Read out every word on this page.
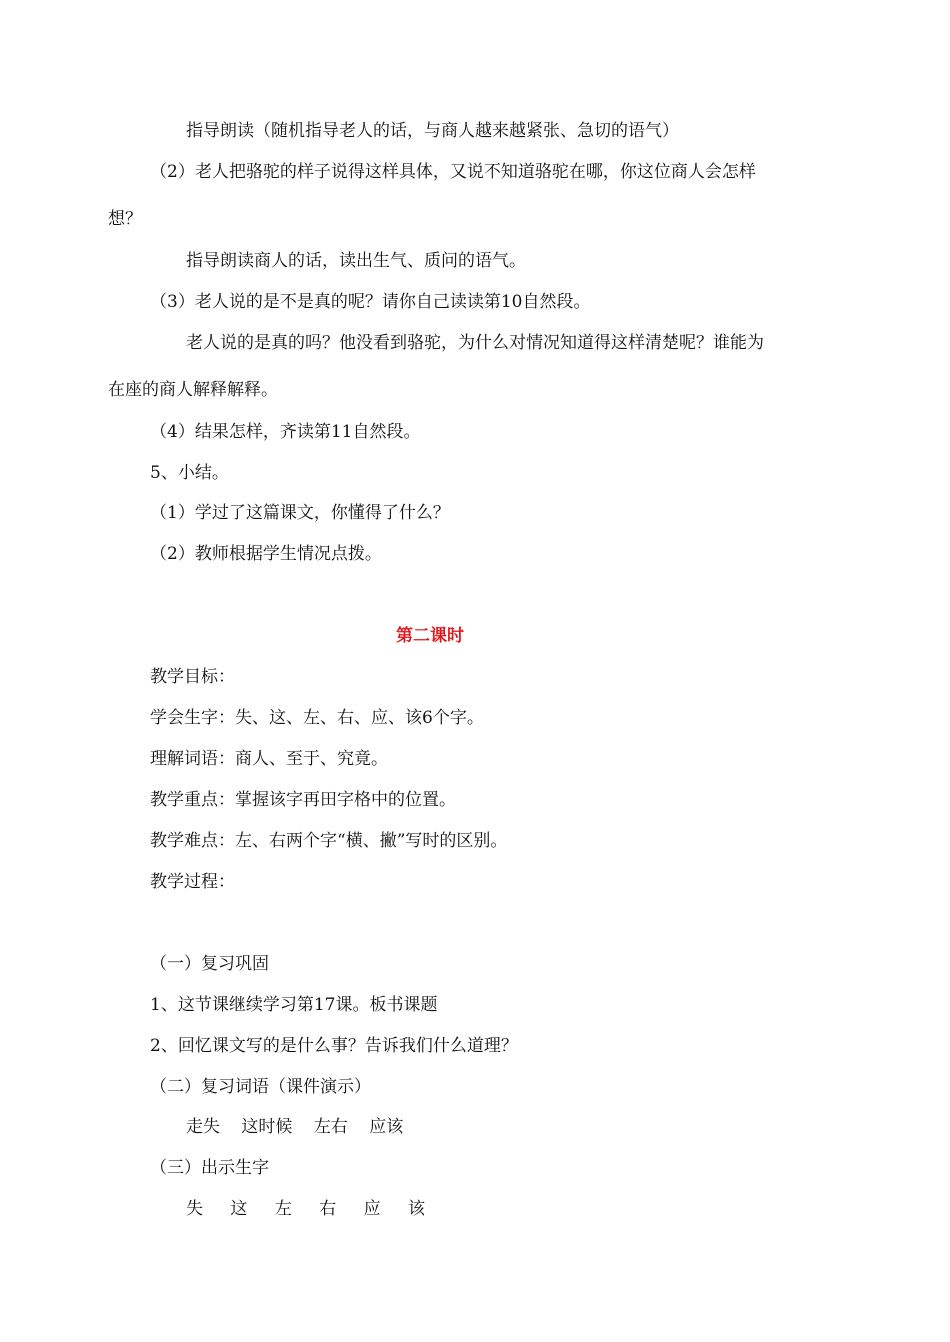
指导朗读（随机指导老人的话，与商人越来越紧张、急切的语气）
（2）老人把骆驼的样子说得这样具体，又说不知道骆驼在哪，你这位商人会怎样
想？
指导朗读商人的话，读出生气、质问的语气。
（3）老人说的是不是真的呢？请你自己读读第10自然段。
老人说的是真的吗？他没看到骆驼，为什么对情况知道得这样清楚呢？谁能为
在座的商人解释解释。
（4）结果怎样，齐读第11自然段。
5、小结。
（1）学过了这篇课文，你懂得了什么？
（2）教师根据学生情况点拨。
第二课时
教学目标：
学会生字：失、这、左、右、应、该6个字。
理解词语：商人、至于、究竟。
教学重点：掌握该字再田字格中的位置。
教学难点：左、右两个字“横、撇”写时的区别。
教学过程：
（一）复习巩固
1、这节课继续学习第17课。板书课题
2、回忆课文写的是什么事？告诉我们什么道理？
（二）复习词语（课件演示）
走失 这时候 左右 应该
（三）出示生字
失 这 左 右 应 该
